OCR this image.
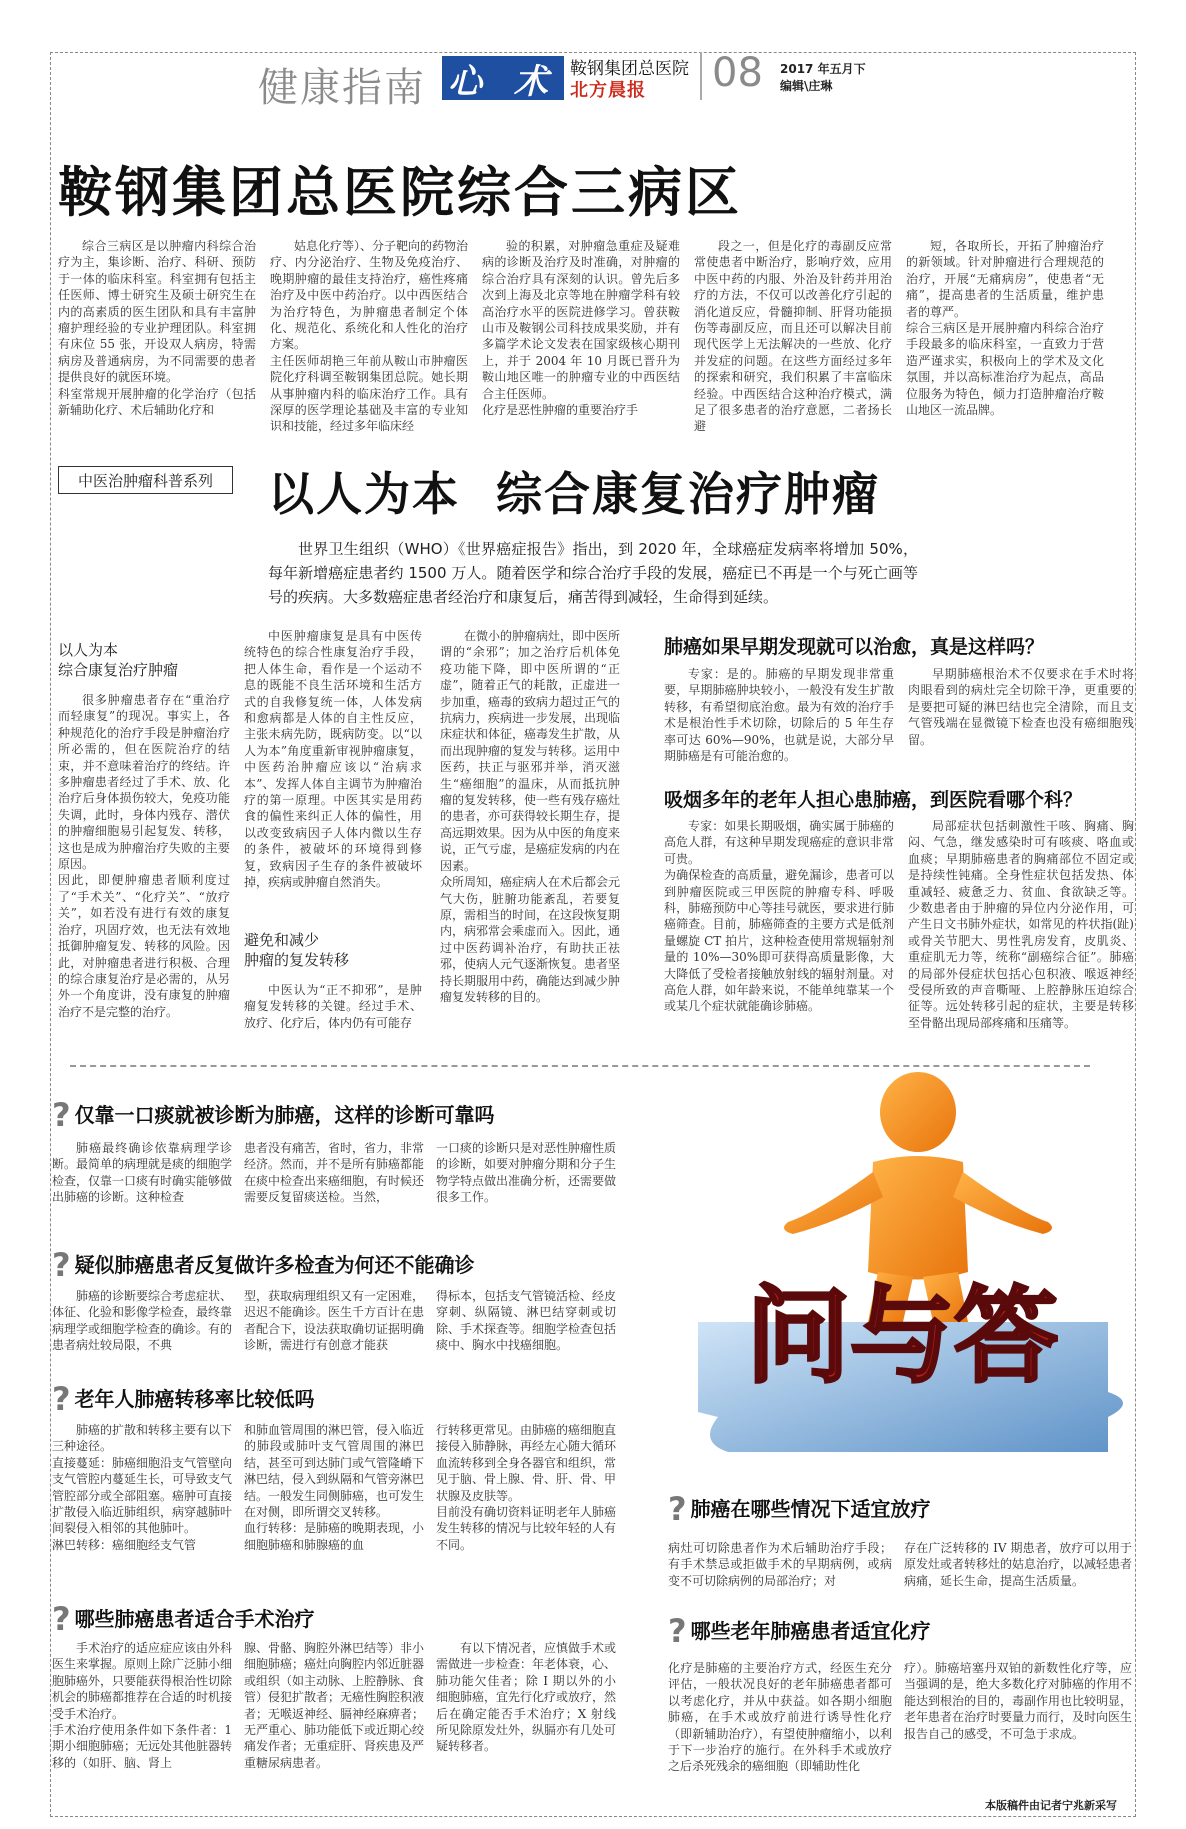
健康指南 心 术 鞍钢集团总医院
北方晨报 08 2017 年五月下
编辑\庄琳
鞍钢集团总医院综合三病区

综合三病区是以肿瘤内科综合治疗为主，集诊断、治疗、科研、预防于一体的临床科室。科室拥有包括主任医师、博士研究生及硕士研究生在内的高素质的医生团队和具有丰富肿瘤护理经验的专业护理团队。科室拥有床位 55 张，开设双人病房，特需病房及普通病房，为不同需要的患者提供良好的就医环境。
科室常规开展肿瘤的化学治疗（包括新辅助化疗、术后辅助化疗和

姑息化疗等）、分子靶向的药物治疗、内分泌治疗、生物及免疫治疗、晚期肿瘤的最佳支持治疗，癌性疼痛治疗及中医中药治疗。以中西医结合为治疗特色，为肿瘤患者制定个体化、规范化、系统化和人性化的治疗方案。
主任医师胡艳三年前从鞍山市肿瘤医院化疗科调至鞍钢集团总院。她长期从事肿瘤内科的临床治疗工作。具有深厚的医学理论基础及丰富的专业知识和技能，经过多年临床经

验的积累，对肿瘤急重症及疑难病的诊断及治疗及时准确，对肿瘤的综合治疗具有深刻的认识。曾先后多次到上海及北京等地在肿瘤学科有较高治疗水平的医院进修学习。曾获鞍山市及鞍钢公司科技成果奖励，并有多篇学术论文发表在国家级核心期刊上，并于 2004 年 10 月既已晋升为鞍山地区唯一的肿瘤专业的中西医结合主任医师。
化疗是恶性肿瘤的重要治疗手

段之一，但是化疗的毒副反应常常使患者中断治疗，影响疗效，应用中医中药的内服、外治及针药并用治疗的方法，不仅可以改善化疗引起的消化道反应，骨髓抑制、肝肾功能损伤等毒副反应，而且还可以解决目前现代医学上无法解决的一些放、化疗并发症的问题。在这些方面经过多年的探索和研究，我们积累了丰富临床经验。中西医结合这种治疗模式，满足了很多患者的治疗意愿，二者扬长避

短，各取所长，开拓了肿瘤治疗的新领域。针对肿瘤进行合理规范的治疗，开展“无痛病房”，使患者“无痛”，提高患者的生活质量，维护患者的尊严。
综合三病区是开展肿瘤内科综合治疗手段最多的临床科室，一直致力于营造严谨求实，积极向上的学术及文化氛围，并以高标准治疗为起点，高品位服务为特色，倾力打造肿瘤治疗鞍山地区一流品牌。

中医治肿瘤科普系列	以人为本  综合康复治疗肿瘤

世界卫生组织（WHO）《世界癌症报告》指出，到 2020 年，全球癌症发病率将增加 50%，每年新增癌症患者约 1500 万人。随着医学和综合治疗手段的发展，癌症已不再是一个与死亡画等号的疾病。大多数癌症患者经治疗和康复后，痛苦得到减轻，生命得到延续。

以人为本
综合康复治疗肿瘤

很多肿瘤患者存在“重治疗而轻康复”的现况。事实上，各种规范化的治疗手段是肿瘤治疗所必需的，但在医院治疗的结束，并不意味着治疗的终结。许多肿瘤患者经过了手术、放、化治疗后身体损伤较大，免疫功能失调，此时，身体内残存、潜伏的肿瘤细胞易引起复发、转移，这也是成为肿瘤治疗失败的主要原因。
因此，即便肿瘤患者顺利度过了“手术关”、“化疗关”、“放疗关”，如若没有进行有效的康复治疗，巩固疗效，也无法有效地抵御肿瘤复发、转移的风险。因此，对肿瘤患者进行积极、合理的综合康复治疗是必需的，从另外一个角度讲，没有康复的肿瘤治疗不是完整的治疗。

中医肿瘤康复是具有中医传统特色的综合性康复治疗手段，把人体生命，看作是一个运动不息的既能不良生活环境和生活方式的自我修复统一体，人体发病和愈病都是人体的自主性反应，主张未病先防，既病防变。以“以人为本”角度重新审视肿瘤康复，中医药治肿瘤应该以“治病求本”、发挥人体自主调节为肿瘤治疗的第一原理。中医其实是用药食的偏性来纠正人体的偏性，用以改变致病因子人体内微以生存的条件，被破坏的环境得到修复，致病因子生存的条件被破坏掉，疾病或肿瘤自然消失。

避免和减少
肿瘤的复发转移

中医认为“正不抑邪”，是肿瘤复发转移的关键。经过手术、放疗、化疗后，体内仍有可能存

在微小的肿瘤病灶，即中医所谓的“余邪”；加之治疗后机体免疫功能下降，即中医所谓的“正虚”，随着正气的耗散，正虚进一步加重，癌毒的致病力超过正气的抗病力，疾病进一步发展，出现临床症状和体征，癌毒发生扩散，从而出现肿瘤的复发与转移。运用中医药，扶正与驱邪并举，消灭滋生“癌细胞”的温床，从而抵抗肿瘤的复发转移，使一些有残存癌灶的患者，亦可获得较长期生存，提高远期效果。因为从中医的角度来说，正气亏虚，是癌症发病的内在因素。
众所周知，癌症病人在术后都会元气大伤，脏腑功能紊乱，若要复原，需相当的时间，在这段恢复期内，病邪常会乘虚而入。因此，通过中医药调补治疗，有助扶正祛邪，使病人元气逐渐恢复。患者坚持长期服用中药，确能达到减少肿瘤复发转移的目的。

肺癌如果早期发现就可以治愈，真是这样吗？

专家：是的。肺癌的早期发现非常重要，早期肺癌肿块较小，一般没有发生扩散转移，有希望彻底治愈。最为有效的治疗手术是根治性手术切除，切除后的 5 年生存率可达 60%—90%，也就是说，大部分早期肺癌是有可能治愈的。

早期肺癌根治术不仅要求在手术时将肉眼看到的病灶完全切除干净，更重要的是要把可疑的淋巴结也完全清除，而且支气管残端在显微镜下检查也没有癌细胞残留。

吸烟多年的老年人担心患肺癌，到医院看哪个科？

专家：如果长期吸烟，确实属于肺癌的高危人群，有这种早期发现癌症的意识非常可贵。
为确保检查的高质量，避免漏诊，患者可以到肿瘤医院或三甲医院的肿瘤专科、呼吸科，肺癌预防中心等挂号就医，要求进行肺癌筛查。目前，肺癌筛查的主要方式是低剂量螺旋 CT 拍片，这种检查使用常规辐射剂量的 10%—30%即可获得高质量影像，大大降低了受检者接触放射线的辐射剂量。对高危人群，如年龄来说，不能单纯靠某一个或某几个症状就能确诊肺癌。

局部症状包括刺激性干咳、胸痛、胸闷、气急，继发感染时可有咳痰、咯血或血痰；早期肺癌患者的胸痛部位不固定或是持续性钝痛。全身性症状包括发热、体重减轻、疲惫乏力、贫血、食欲缺乏等。少数患者由于肿瘤的异位内分泌作用，可产生日文书肺外症状，如常见的杵状指(趾)或骨关节肥大、男性乳房发育，皮肌炎、重症肌无力等，统称“副癌综合征”。肺癌的局部外侵症状包括心包积液、喉返神经受侵所致的声音嘶哑、上腔静脉压迫综合征等。远处转移引起的症状，主要是转移至骨骼出现局部疼痛和压痛等。

? 仅靠一口痰就被诊断为肺癌，这样的诊断可靠吗

肺癌最终确诊依靠病理学诊断。最简单的病理就是痰的细胞学检查，仅靠一口痰有时确实能够做出肺癌的诊断。这种检查

患者没有痛苦，省时，省力，非常经济。然而，并不是所有肺癌都能在痰中检查出来癌细胞，有时候还需要反复留痰送检。当然，

一口痰的诊断只是对恶性肿瘤性质的诊断，如要对肿瘤分期和分子生物学特点做出准确分析，还需要做很多工作。

? 疑似肺癌患者反复做许多检查为何还不能确诊

肺癌的诊断要综合考虑症状、体征、化验和影像学检查，最终靠病理学或细胞学检查的确诊。有的患者病灶较局限，不典

型，获取病理组织又有一定困难，迟迟不能确诊。医生千方百计在患者配合下，设法获取确切证据明确诊断，需进行有创意才能获

得标本，包括支气管镜活检、经皮穿刺、纵隔镜、淋巴结穿刺或切除、手术探查等。细胞学检查包括痰中、胸水中找癌细胞。

? 老年人肺癌转移率比较低吗

肺癌的扩散和转移主要有以下三种途径。
直接蔓延：肺癌细胞沿支气管壁向支气管腔内蔓延生长，可导致支气管腔部分或全部阻塞。癌肿可直接扩散侵入临近肺组织，病穿越肺叶间裂侵入相邻的其他肺叶。
淋巴转移：癌细胞经支气管

和肺血管周围的淋巴管，侵入临近的肺段或肺叶支气管周围的淋巴结，甚至可到达肺门或气管隆嵴下淋巴结，侵入到纵隔和气管旁淋巴结。一般发生同侧肺癌，也可发生在对侧，即所谓交叉转移。
血行转移：是肺癌的晚期表现，小细胞肺癌和肺腺癌的血

行转移更常见。由肺癌的癌细胞直接侵入肺静脉，再经左心随大循环血流转移到全身各器官和组织，常见于脑、骨上腺、骨、肝、骨、甲状腺及皮肤等。
目前没有确切资料证明老年人肺癌发生转移的情况与比较年轻的人有不同。

? 哪些肺癌患者适合手术治疗

手术治疗的适应症应该由外科医生来掌握。原则上除广泛肺小细胞肺癌外，只要能获得根治性切除机会的肺癌都推荐在合适的时机接受手术治疗。
手术治疗使用条件如下条件者：1 期小细胞肺癌；无远处其他脏器转移的（如肝、脑、肾上

腺、骨骼、胸腔外淋巴结等）非小细胞肺癌；癌灶向胸腔内邻近脏器或组织（如主动脉、上腔静脉、食管）侵犯扩散者；无癌性胸腔积液者；无喉返神经、膈神经麻痹者；无严重心、肺功能低下或近期心绞痛发作者；无重症肝、肾疾患及严重糖尿病患者。

有以下情况者，应慎做手术或需做进一步检查：年老体衰，心、肺功能欠佳者；除 I 期以外的小细胞肺癌，宜先行化疗或放疗，然后在确定能否手术治疗；X 射线所见除原发灶外，纵膈亦有几处可疑转移者。

问与答
? 肺癌在哪些情况下适宜放疗

病灶可切除患者作为术后辅助治疗手段；有手术禁忌或拒做手术的早期病例，或病变不可切除病例的局部治疗；对

存在广泛转移的 IV 期患者，放疗可以用于原发灶或者转移灶的姑息治疗，以减轻患者病痛，延长生命，提高生活质量。

? 哪些老年肺癌患者适宜化疗

化疗是肺癌的主要治疗方式，经医生充分评估，一般状况良好的老年肺癌患者都可以考虑化疗，并从中获益。如各期小细胞肺癌，在手术或放疗前进行诱导性化疗（即新辅助治疗），有望使肿瘤缩小，以利于下一步治疗的施行。在外科手术或放疗之后杀死残余的癌细胞（即辅助性化

疗）。肺癌培塞丹双铂的新数性化疗等，应当强调的是，绝大多数化疗对肺癌的作用不能达到根治的目的，毒副作用也比较明显，老年患者在治疗时要量力而行，及时向医生报告自己的感受，不可急于求成。

本版稿件由记者宁兆新采写
